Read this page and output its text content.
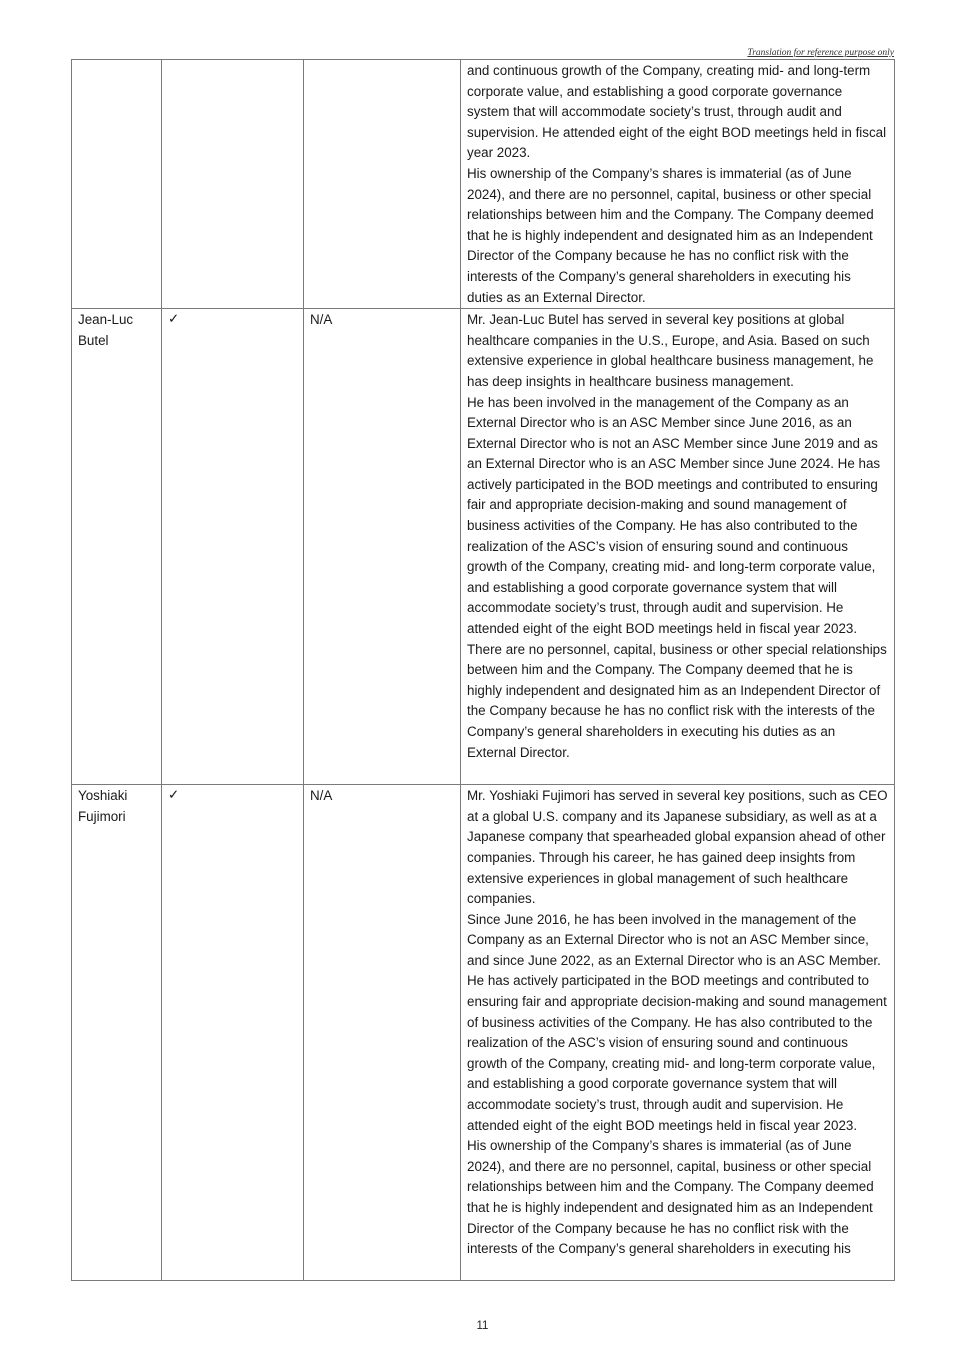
Translation for reference purpose only

			and continuous growth of the Company, creating mid- and long-term corporate value, and establishing a good corporate governance system that will accommodate society’s trust, through audit and supervision. He attended eight of the eight BOD meetings held in fiscal year 2023.
His ownership of the Company’s shares is immaterial (as of June 2024), and there are no personnel, capital, business or other special relationships between him and the Company. The Company deemed that he is highly independent and designated him as an Independent Director of the Company because he has no conflict risk with the interests of the Company’s general shareholders in executing his duties as an External Director.

Jean-Luc Butel	✓	N/A	Mr. Jean-Luc Butel has served in several key positions at global healthcare companies in the U.S., Europe, and Asia. Based on such extensive experience in global healthcare business management, he has deep insights in healthcare business management.
He has been involved in the management of the Company as an External Director who is an ASC Member since June 2016, as an External Director who is not an ASC Member since June 2019 and as an External Director who is an ASC Member since June 2024. He has actively participated in the BOD meetings and contributed to ensuring fair and appropriate decision-making and sound management of business activities of the Company. He has also contributed to the realization of the ASC’s vision of ensuring sound and continuous growth of the Company, creating mid- and long-term corporate value, and establishing a good corporate governance system that will accommodate society’s trust, through audit and supervision. He attended eight of the eight BOD meetings held in fiscal year 2023.
There are no personnel, capital, business or other special relationships between him and the Company. The Company deemed that he is highly independent and designated him as an Independent Director of the Company because he has no conflict risk with the interests of the Company’s general shareholders in executing his duties as an External Director.

Yoshiaki Fujimori	✓	N/A	Mr. Yoshiaki Fujimori has served in several key positions, such as CEO at a global U.S. company and its Japanese subsidiary, as well as at a Japanese company that spearheaded global expansion ahead of other companies. Through his career, he has gained deep insights from extensive experiences in global management of such healthcare companies.
Since June 2016, he has been involved in the management of the Company as an External Director who is not an ASC Member since, and since June 2022, as an External Director who is an ASC Member. He has actively participated in the BOD meetings and contributed to ensuring fair and appropriate decision-making and sound management of business activities of the Company. He has also contributed to the realization of the ASC’s vision of ensuring sound and continuous growth of the Company, creating mid- and long-term corporate value, and establishing a good corporate governance system that will accommodate society’s trust, through audit and supervision. He attended eight of the eight BOD meetings held in fiscal year 2023.
His ownership of the Company’s shares is immaterial (as of June 2024), and there are no personnel, capital, business or other special relationships between him and the Company. The Company deemed that he is highly independent and designated him as an Independent Director of the Company because he has no conflict risk with the interests of the Company’s general shareholders in executing his
11
